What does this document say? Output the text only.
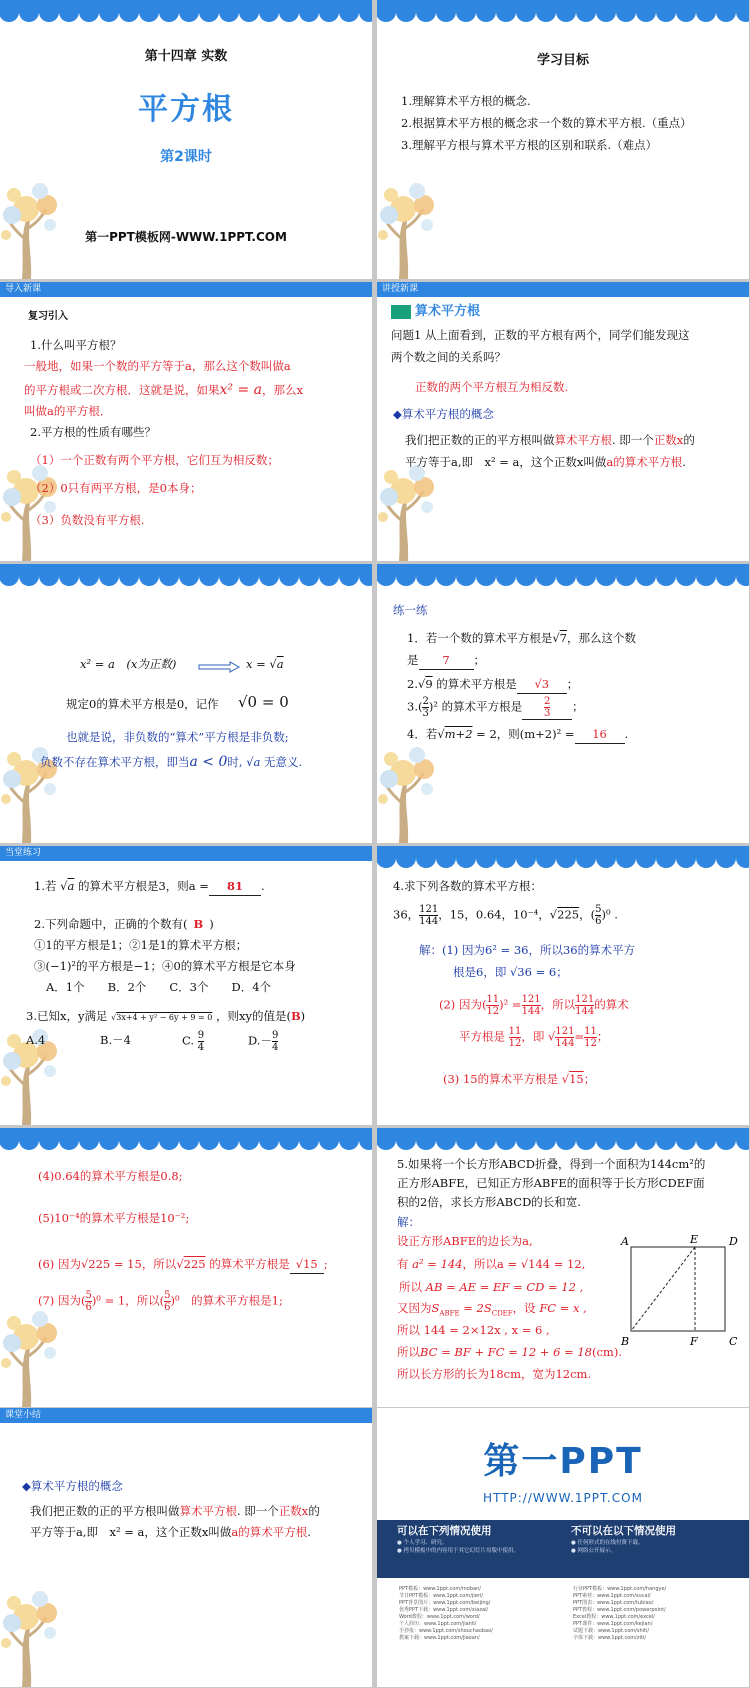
第十四章 实数
平方根
第2课时
第一PPT模板网-WWW.1PPT.COM
学习目标
1.理解算术平方根的概念.
2.根据算术平方根的概念求一个数的算术平方根.（重点）
3.理解平方根与算术平方根的区别和联系.（难点）
导入新课
复习引入
1.什么叫平方根？
一般地，如果一个数的平方等于a，那么这个数叫做a
的平方根或二次方根．这就是说，如果x² = a，那么x
叫做a的平方根．
2.平方根的性质有哪些？
（1）一个正数有两个平方根，它们互为相反数；
（2）0只有两平方根，是0本身；
（3）负数没有平方根.
讲授新课
算术平方根
问题1 从上面看到，正数的平方根有两个，同学们能发现这
两个数之间的关系吗？
正数的两个平方根互为相反数.
◆算术平方根的概念
我们把正数的正的平方根叫做算术平方根. 即一个正数x的
平方等于a,即　x² = a，这个正数x叫做a的算术平方根.
x² = a　(x为正数)	x = √a
规定0的算术平方根是0，记作 √0 = 0
也就是说，非负数的“算术”平方根是非负数;
负数不存在算术平方根，即当a < 0时, √a 无意义.
练一练
1．若一个数的算术平方根是√7，那么这个数
是 7 ；
2.√9 的算术平方根是 √3 ；
$3.( \frac{2}{3} )^2$ 的算术平方根是 $\frac{2}{3}$ ；
4．若√m+2 = 2，则(m+2)² = 16 .
当堂练习
1.若 √a 的算术平方根是3，则a = 81 .
2.下列命题中，正确的个数有( B )
①1的平方根是1；②1是1的算术平方根；
③(−1)²的平方根是−1；④0的算术平方根是它本身
A．1个　　B．2个　　C．3个　　D．4个
3.已知x，y满足 √3x+4 + y² − 6y + 9 = 0 ，则xy的值是(B)
A.4	B.－4	C. $\frac{9}{4}$	$D.- \frac{9}{4}$
4.求下列各数的算术平方根：
36， $\frac{121}{144}$ ，15，0.64，10⁻⁴，√225，( $\frac{5}{6} )^0$ .
解：(1) 因为6² = 36，所以36的算术平方
根是6，即 √36 = 6；
(2) 因为( $\frac{11}{12} )^2 = \frac{121}{144}$ ，所以 $\frac{121}{144}$ 的算术
平方根是 $\frac{11}{12}$ ，即 √ $\frac{121}{144} = \frac{11}{12}$ ；
(3) 15的算术平方根是 √15；
(4)0.64的算术平方根是0.8;
(5)10⁻⁴的算术平方根是10⁻²;
(6) 因为√225 = 15，所以√225 的算术平方根是 √15 ;
(7) 因为( $\frac{5}{6} )^0 = 1$，所以( $\frac{5}{6} )^0$　的算术平方根是1;
5.如果将一个长方形ABCD折叠，得到一个面积为144cm²的
正方形ABFE，已知正方形ABFE的面积等于长方形CDEF面
积的2倍，求长方形ABCD的长和宽.
解：
设正方形ABFE的边长为a,
有 a² = 144，所以a = √144 = 12,
所以 AB = AE = EF = CD = 12 ,
又因为$S_{ABFE} = 2S_{CDEF}$，设 FC = x ,
所以 144 = 2×12x , x = 6 ,
所以BC = BF + FC = 12 + 6 = 18(cm).
所以长方形的长为18cm，宽为12cm.
A	E	D
B	F	C
课堂小结
◆算术平方根的概念
我们把正数的正的平方根叫做算术平方根. 即一个正数x的
平方等于a,即　x² = a，这个正数x叫做a的算术平方根.
第一PPT
HTTP://WWW.1PPT.COM
可以在下列情况使用
● 个人学习、研究。
● 拷贝模板中的内容用于其它幻灯片母版中使用。
不可以在以下情况使用
● 任何形式的在线付费下载。
● 网络公开展示。
PPT模板：www.1ppt.com/moban/
节日PPT模板：www.1ppt.com/jieri/
PPT背景图片：www.1ppt.com/beijing/
优秀PPT下载：www.1ppt.com/xiazai/
Word教程：www.1ppt.com/word/
个人简历：www.1ppt.com/jianli/
手抄报：www.1ppt.com/shouchaobao/
教案下载：www.1ppt.com/jiaoan/
行业PPT模板：www.1ppt.com/hangye/
PPT素材：www.1ppt.com/sucai/
PPT图表：www.1ppt.com/tubiao/
PPT教程：www.1ppt.com/powerpoint/
Excel教程：www.1ppt.com/excel/
PPT课件：www.1ppt.com/kejian/
试题下载：www.1ppt.com/shiti/
字体下载：www.1ppt.com/ziti/
